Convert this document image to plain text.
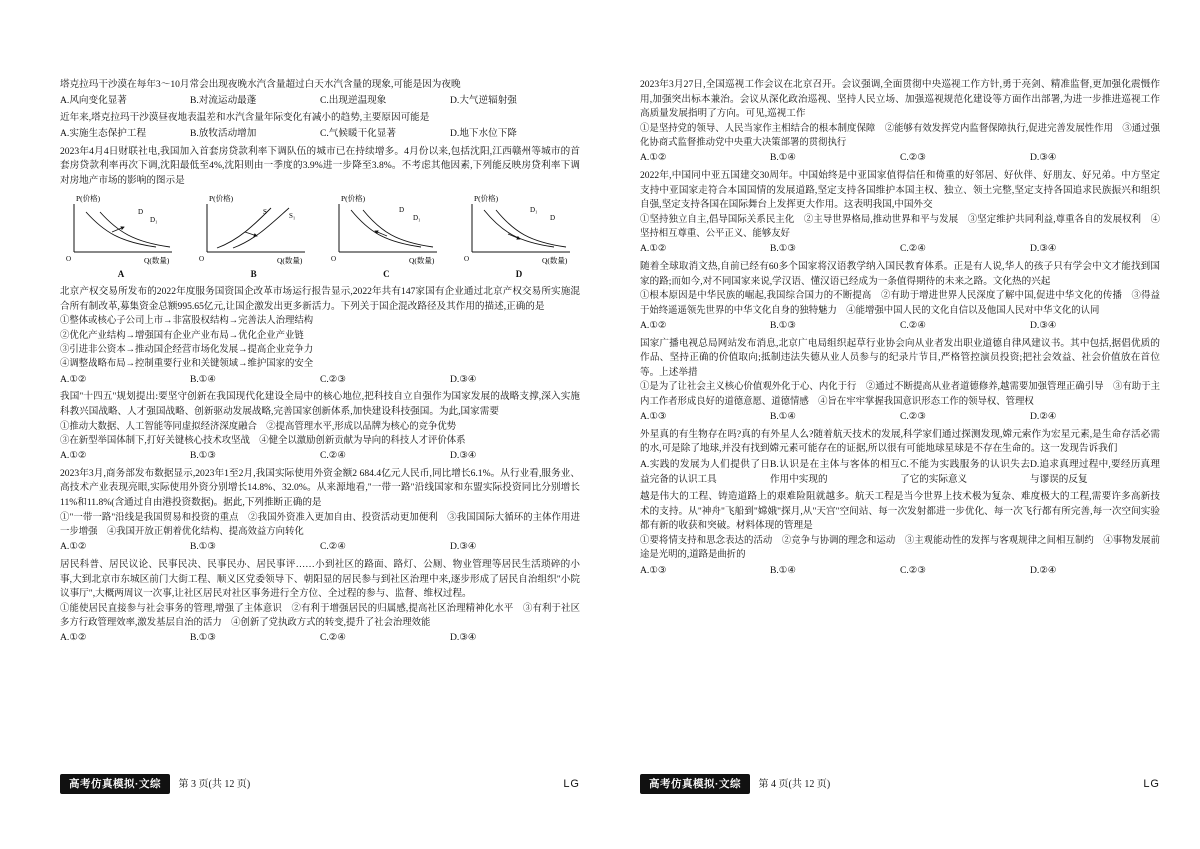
塔克拉玛干沙漠在每年3～10月常会出现夜晚水汽含量超过白天水汽含量的现象,可能是因为夜晚
A.风向变化显著	B.对流运动最蓬	C.出现逆温现象	D.大气逆辐射强
近年来,塔克拉玛干沙漠昼夜地表温差和水汽含量年际变化有减小的趋势,主要原因可能是
A.实施生态保护工程	B.放牧活动增加	C.气候暖干化显著	D.地下水位下降
2023年4月4日财联社电,我国加入首套房贷款利率下调队伍的城市已在持续增多。4月份以来,包括沈阳,江西赣州等城市的首套房贷款利率再次下调,沈阳最低至4%,沈阳则由一季度的3.9%进一步降至3.8%。不考虑其他因素,下列能反映房贷利率下调对房地产市场的影响的图示是
P(价格)
D
D₁
O	Q(数量)
P(价格)
S	S₁
O	Q(数量)
P(价格)
D
D₁
O	Q(数量)
P(价格)
D₁
D
O	Q(数量)
A	B	C	D
北京产权交易所发布的2022年度服务国资国企改革市场运行报告显示,2022年共有147家国有企业通过北京产权交易所实施混合所有制改革,募集资金总额995.65亿元,让国企激发出更多新活力。下列关于国企混改路径及其作用的描述,正确的是
①整体或核心子公司上市→非富股权结构→完善法人治理结构
②优化产业结构→增强国有企业产业布局→优化企业产业链
③引进非公资本→推动国企经营市场化发展→提高企业竞争力
④调整战略布局→控制重要行业和关键领域→维护国家的安全
A.①②	B.①④	C.②③	D.③④
我国"十四五"规划提出:要坚守创新在我国现代化建设全局中的核心地位,把科技自立自强作为国家发展的战略支撑,深入实施科教兴国战略、人才强国战略、创新驱动发展战略,完善国家创新体系,加快建设科技强国。为此,国家需要
①推动大数据、人工智能等同虚拟经济深度融合　②提高管理水平,形成以品牌为核心的竞争优势
③在新型举国体制下,打好关键核心技术攻坚战　④健全以激励创新贡献为导向的科技人才评价体系
A.①②	B.①③	C.②④	D.③④
2023年3月,商务部发布数据显示,2023年1至2月,我国实际使用外资金额2 684.4亿元人民币,同比增长6.1%。从行业看,服务业、高技术产业表现亮眼,实际使用外资分别增长14.8%、32.0%。从来源地看,"一带一路"沿线国家和东盟实际投资同比分别增长11%和11.8%(含通过自由港投资数据)。据此,下列推断正确的是
①"一带一路"沿线是我国贸易和投资的重点　②我国外资准入更加自由、投资活动更加便利　③我国国际大循环的主体作用进一步增强　④我国开放正朝着优化结构、提高效益方向转化
A.①②	B.①③	C.②④	D.③④
居民科普、居民议论、民事民决、民事民办、居民事评……小到社区的路面、路灯、公厕、物业管理等居民生活琐碎的小事,大到北京市东城区前门大街工程、顺义区党委领导下、朝阳显的居民参与到社区治理中来,逐步形成了居民自治组织"小院议事厅",大概两周议一次事,让社区居民对社区事务进行全方位、全过程的参与、监督、维权过程。
①能使居民直接参与社会事务的管理,增强了主体意识　②有利于增强居民的归属感,提高社区治理精神化水平　③有利于社区多方行政管理效率,激发基层自治的活力　④创新了党执政方式的转变,提升了社会治理效能
A.①②	B.①③	C.②④	D.③④
2023年3月27日,全国巡视工作会议在北京召开。会议强调,全面贯彻中央巡视工作方针,勇于亮剑、精准监督,更加强化震慑作用,加强突出标本兼治。会议从深化政治巡视、坚持人民立场、加强巡视规范化建设等方面作出部署,为进一步推进巡视工作高质量发展指明了方向。可见,巡视工作
①是坚持党的领导、人民当家作主相结合的根本制度保障　②能够有效发挥党内监督保障执行,促进完善发展性作用　③通过强化协商式监督推动党中央重大决策部署的贯彻执行
A.①②	B.①④	C.②③	D.③④
2022年,中国同中亚五国建交30周年。中国始终是中亚国家值得信任和倚重的好邻居、好伙伴、好朋友、好兄弟。中方坚定支持中亚国家走符合本国国情的发展道路,坚定支持各国维护本国主权、独立、领土完整,坚定支持各国追求民族振兴和组织自强,坚定支持各国在国际舞台上发挥更大作用。这表明我国,中国外交
①坚持独立自主,倡导国际关系民主化　②主导世界格局,推动世界和平与发展　③坚定维护共同利益,尊重各自的发展权利　④坚持相互尊重、公平正义、能够友好
A.①②	B.①③	C.②④	D.③④
随着全球取消文热,自前已经有60多个国家将汉语教学纳入国民教育体系。正是有人说,华人的孩子只有学会中文才能找到国家的路;而如今,对不同国家来说,学汉语、懂汉语已经成为一条值得期待的未来之路。文化热的兴起
①根本原因是中华民族的崛起,我国综合国力的不断提高　②有助于增进世界人民深度了解中国,促进中华文化的传播　③得益于始终遥遥领先世界的中华文化自身的独特魅力　④能增强中国人民的文化自信以及他国人民对中华文化的认同
A.①②	B.①③	C.②④	D.③④
国家广播电视总局网站发布消息,北京广电局组织起草行业协会向从业者发出职业道德自律风建议书。其中包括,据倡优质的作品、坚持正确的价值取向;抵制违法失德从业人员参与的纪录片节目,严格管控演员投资;把社会效益、社会价值放在首位等。上述举措
①是为了让社会主义核心价值观外化于心、内化于行　②通过不断提高从业者道德修养,越需要加强管理正确引导　③有助于主内工作者形成良好的道德意愿、道德情感　④旨在牢牢掌握我国意识形态工作的领导权、管理权
A.①③	B.①④	C.②③	D.②④
外星真的有生物存在吗?真的有外星人么?随着航天技术的发展,科学家们通过探测发现,嫦元索作为宏星元素,是生命存活必需的水,可是除了地球,并没有找到嫦元素可能存在的证据,所以很有可能地球星球是不存在生命的。这一发现告诉我们
A.实践的发展为人们提供了日益完备的认识工具
B.认识是在主体与客体的相互作用中实现的
C.不能为实践服务的认识失去了它的实际意义
D.追求真理过程中,要经历真理与谬误的反复
越是伟大的工程、铸造道路上的艰难险阻就越多。航天工程是当今世界上技术极为复杂、难度极大的工程,需要许多高新技术的支持。从"神舟"飞船到"嫦娥"探月,从"天宫"空间站、每一次发射都进一步优化、每一次飞行都有所完善,每一次空间实验都有新的收获和突破。材料体现的管理是
①要将情支持和思念表达的活动　②竞争与协调的理念和运动　③主观能动性的发挥与客观规律之间相互制约　④事物发展前途是光明的,道路是曲折的
A.①③	B.①④	C.②③	D.②④
高考仿真模拟·文综 第 3 页(共 12 页)	LG	高考仿真模拟·文综 第 4 页(共 12 页)	LG
